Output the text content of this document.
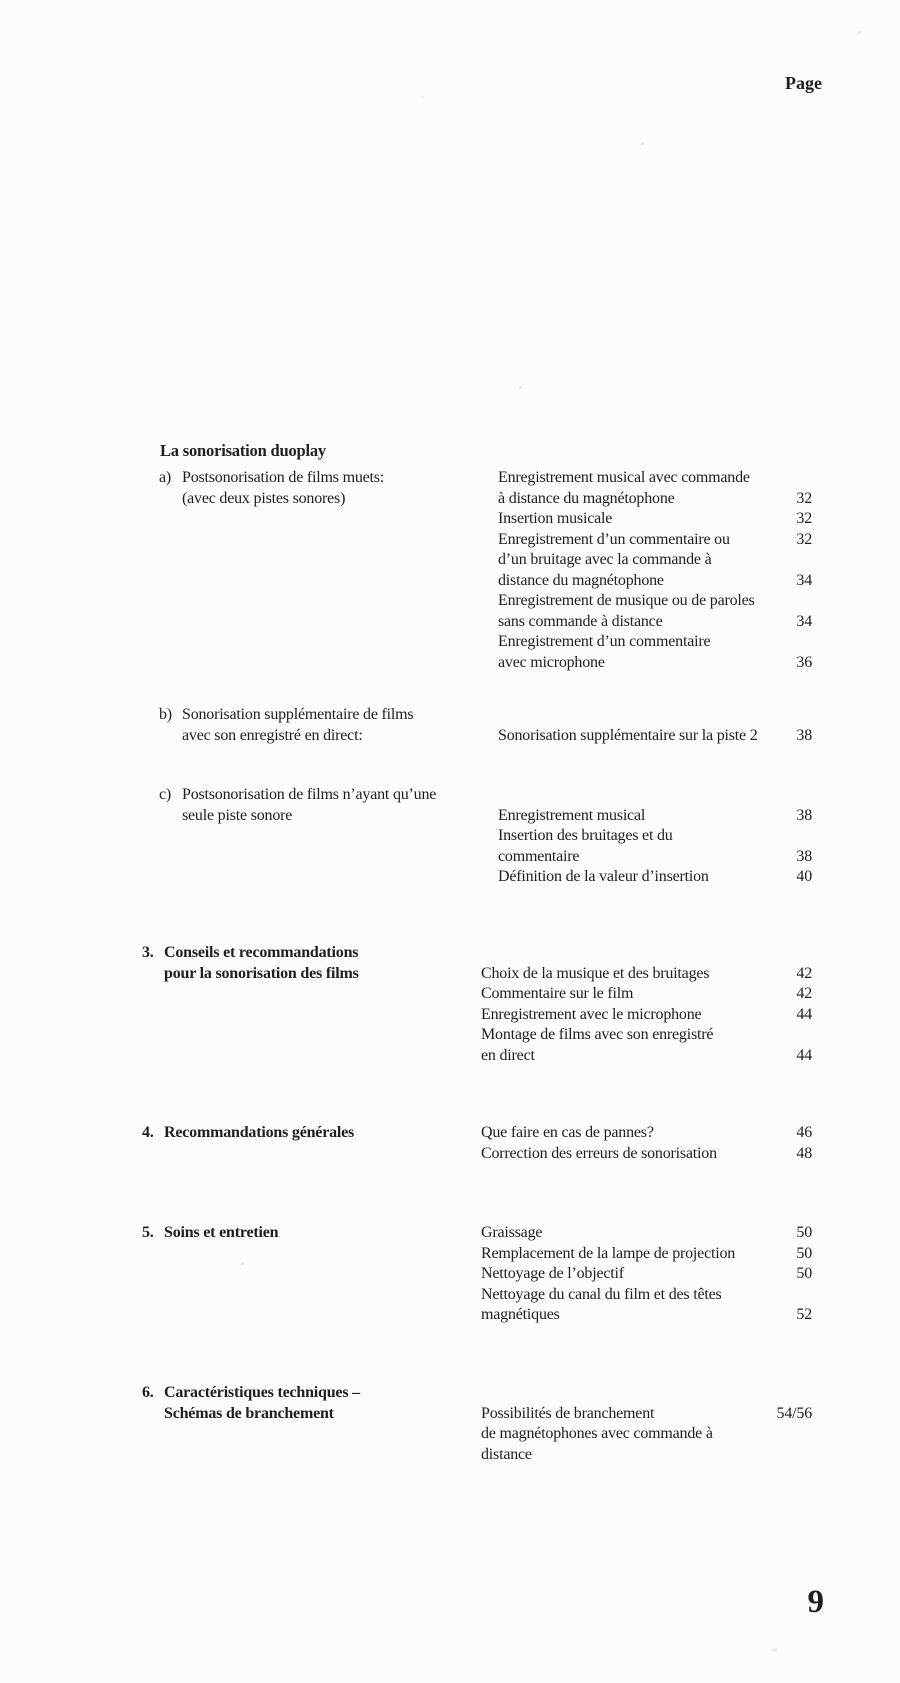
Page
La sonorisation duoplay
a) Postsonorisation de films muets:
(avec deux pistes sonores)
Enregistrement musical avec commande
à distance du magnétophone	32
Insertion musicale	32
Enregistrement d’un commentaire ou	32
d’un bruitage avec la commande à
distance du magnétophone	34
Enregistrement de musique ou de paroles
sans commande à distance	34
Enregistrement d’un commentaire
avec microphone	36
b) Sonorisation supplémentaire de films
avec son enregistré en direct:	Sonorisation supplémentaire sur la piste 2	38
c) Postsonorisation de films n’ayant qu’une
seule piste sonore	Enregistrement musical	38
Insertion des bruitages et du
commentaire	38
Définition de la valeur d’insertion	40
3. Conseils et recommandations
pour la sonorisation des films	Choix de la musique et des bruitages	42
Commentaire sur le film	42
Enregistrement avec le microphone	44
Montage de films avec son enregistré
en direct	44
4. Recommandations générales	Que faire en cas de pannes?	46
Correction des erreurs de sonorisation	48
5. Soins et entretien	Graissage	50
Remplacement de la lampe de projection	50
Nettoyage de l’objectif	50
Nettoyage du canal du film et des têtes
magnétiques	52
6. Caractéristiques techniques –
Schémas de branchement	Possibilités de branchement	54/56
de magnétophones avec commande à
distance
9
